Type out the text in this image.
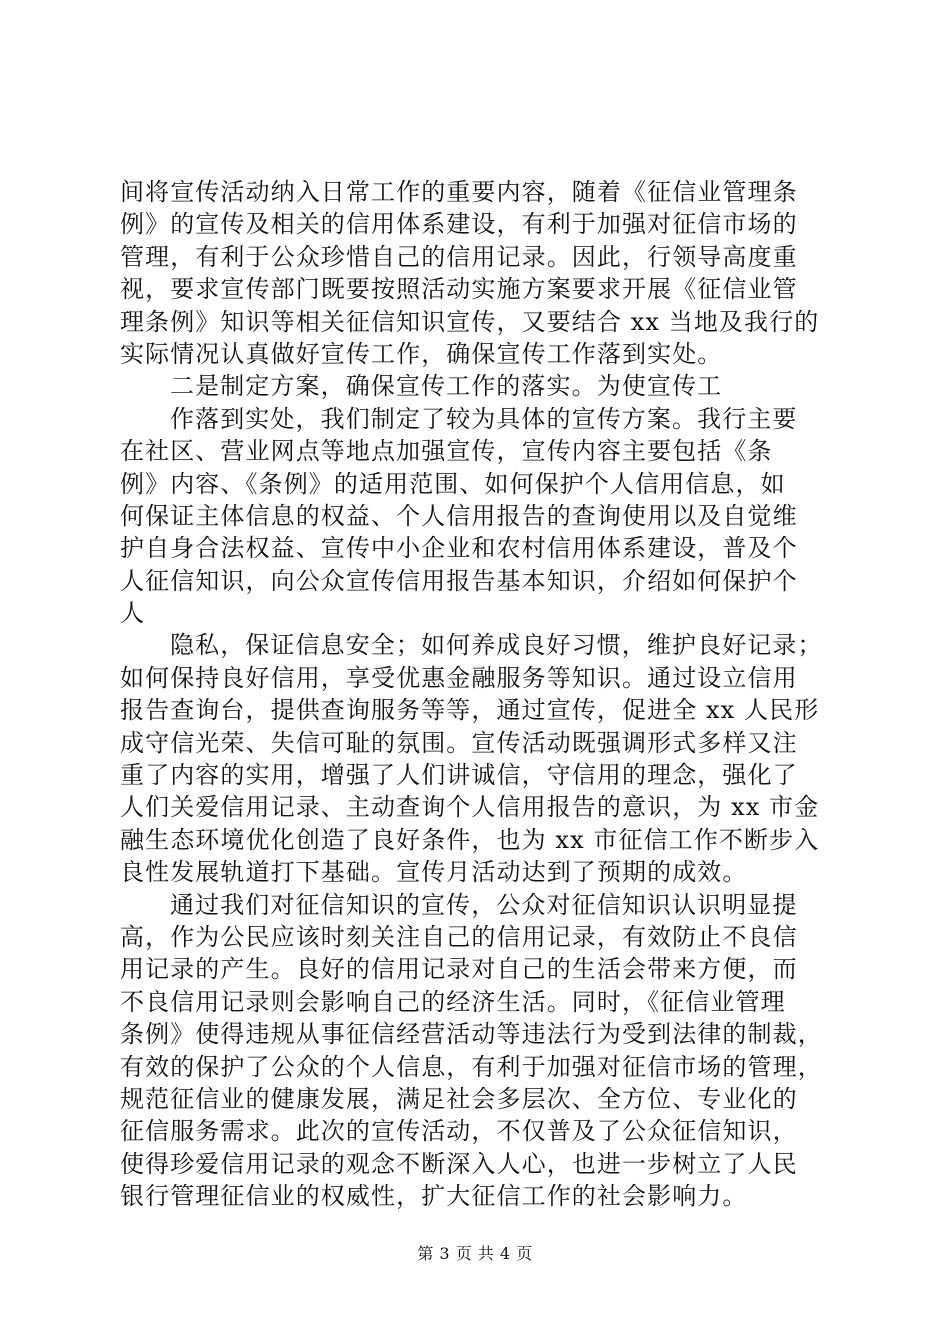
间将宣传活动纳入日常工作的重要内容，随着《征信业管理条
例》的宣传及相关的信用体系建设，有利于加强对征信市场的
管理，有利于公众珍惜自己的信用记录。因此，行领导高度重
视，要求宣传部门既要按照活动实施方案要求开展《征信业管
理条例》知识等相关征信知识宣传，又要结合 xx 当地及我行的
实际情况认真做好宣传工作，确保宣传工作落到实处。
二是制定方案，确保宣传工作的落实。为使宣传工
作落到实处，我们制定了较为具体的宣传方案。我行主要
在社区、营业网点等地点加强宣传，宣传内容主要包括《条
例》内容、《条例》的适用范围、如何保护个人信用信息，如
何保证主体信息的权益、个人信用报告的查询使用以及自觉维
护自身合法权益、宣传中小企业和农村信用体系建设，普及个
人征信知识，向公众宣传信用报告基本知识，介绍如何保护个
人
隐私，保证信息安全；如何养成良好习惯，维护良好记录；
如何保持良好信用，享受优惠金融服务等知识。通过设立信用
报告查询台，提供查询服务等等，通过宣传，促进全 xx 人民形
成守信光荣、失信可耻的氛围。宣传活动既强调形式多样又注
重了内容的实用，增强了人们讲诚信，守信用的理念，强化了
人们关爱信用记录、主动查询个人信用报告的意识，为 xx 市金
融生态环境优化创造了良好条件，也为 xx 市征信工作不断步入
良性发展轨道打下基础。宣传月活动达到了预期的成效。
通过我们对征信知识的宣传，公众对征信知识认识明显提
高，作为公民应该时刻关注自己的信用记录，有效防止不良信
用记录的产生。良好的信用记录对自己的生活会带来方便，而
不良信用记录则会影响自己的经济生活。同时，《征信业管理
条例》使得违规从事征信经营活动等违法行为受到法律的制裁，
有效的保护了公众的个人信息，有利于加强对征信市场的管理，
规范征信业的健康发展，满足社会多层次、全方位、专业化的
征信服务需求。此次的宣传活动，不仅普及了公众征信知识，
使得珍爱信用记录的观念不断深入人心，也进一步树立了人民
银行管理征信业的权威性，扩大征信工作的社会影响力。
第 3 页 共 4 页
